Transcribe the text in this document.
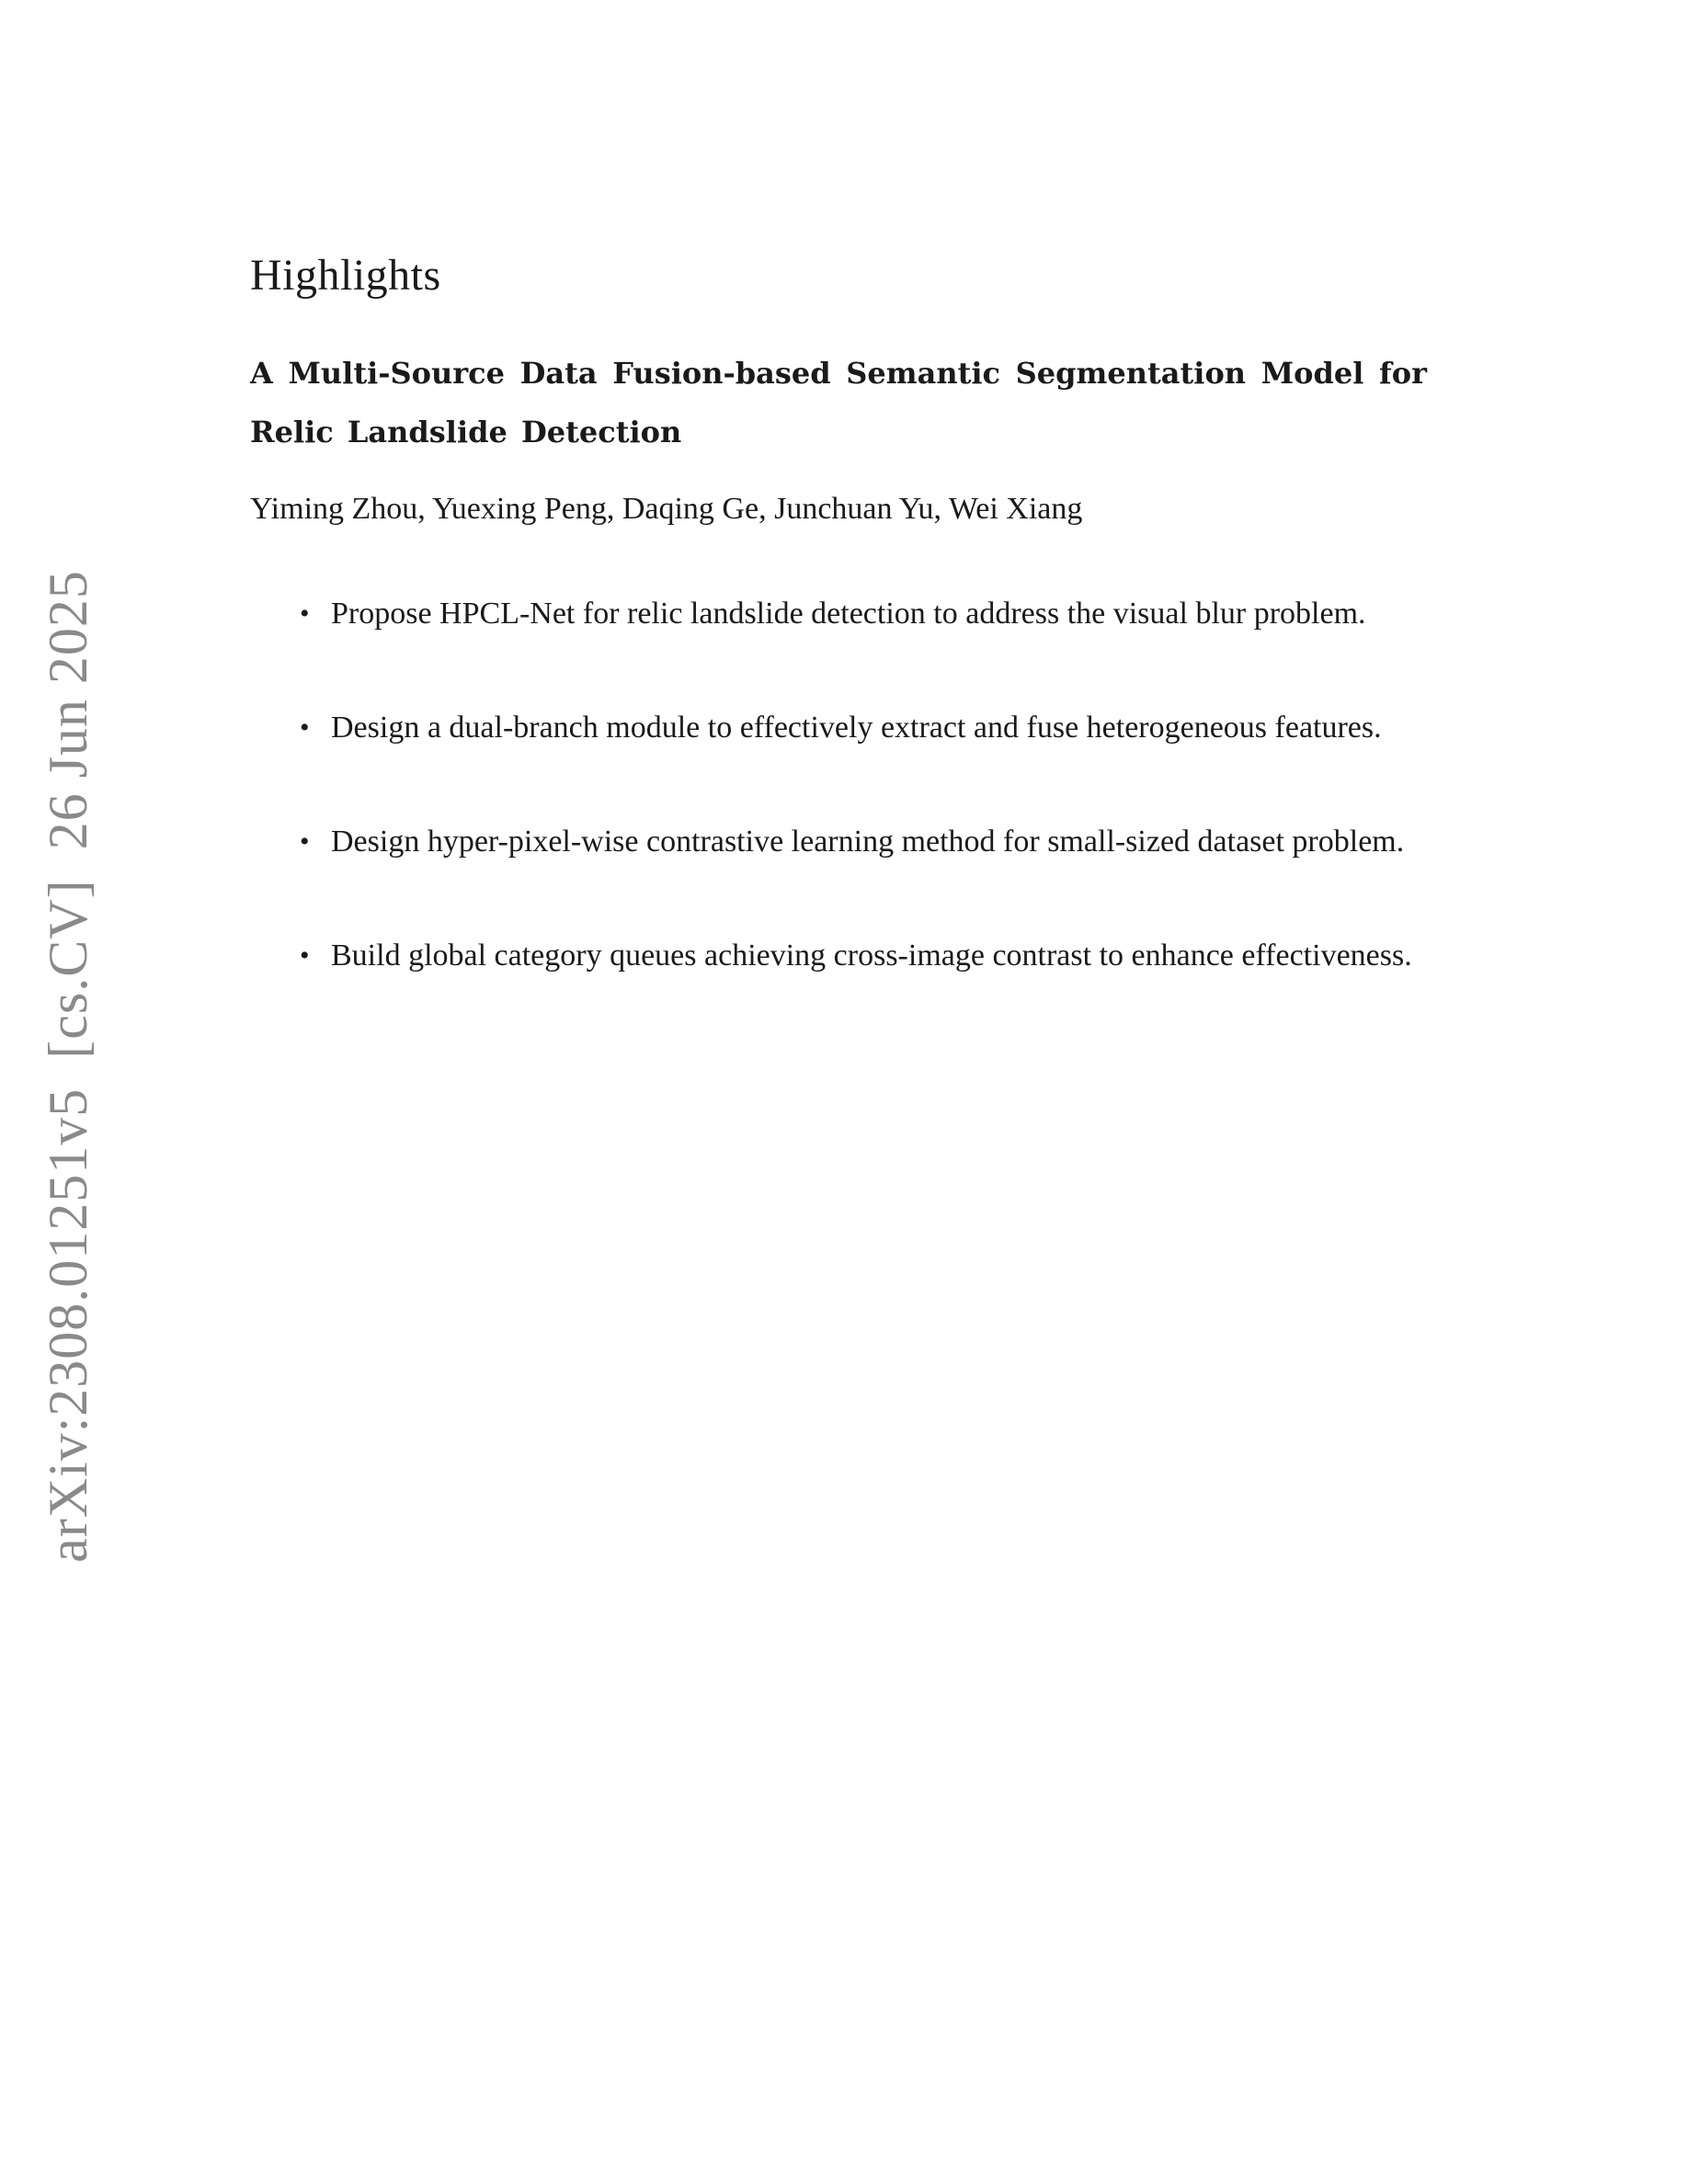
arXiv:2308.01251v5  [cs.CV]  26 Jun 2025
Highlights
A Multi-Source Data Fusion-based Semantic Segmentation Model for Relic Landslide Detection

Yiming Zhou, Yuexing Peng, Daqing Ge, Junchuan Yu, Wei Xiang

• Propose HPCL-Net for relic landslide detection to address the visual blur problem.
• Design a dual-branch module to effectively extract and fuse heterogeneous features.
• Design hyper-pixel-wise contrastive learning method for small-sized dataset problem.
• Build global category queues achieving cross-image contrast to enhance effectiveness.
